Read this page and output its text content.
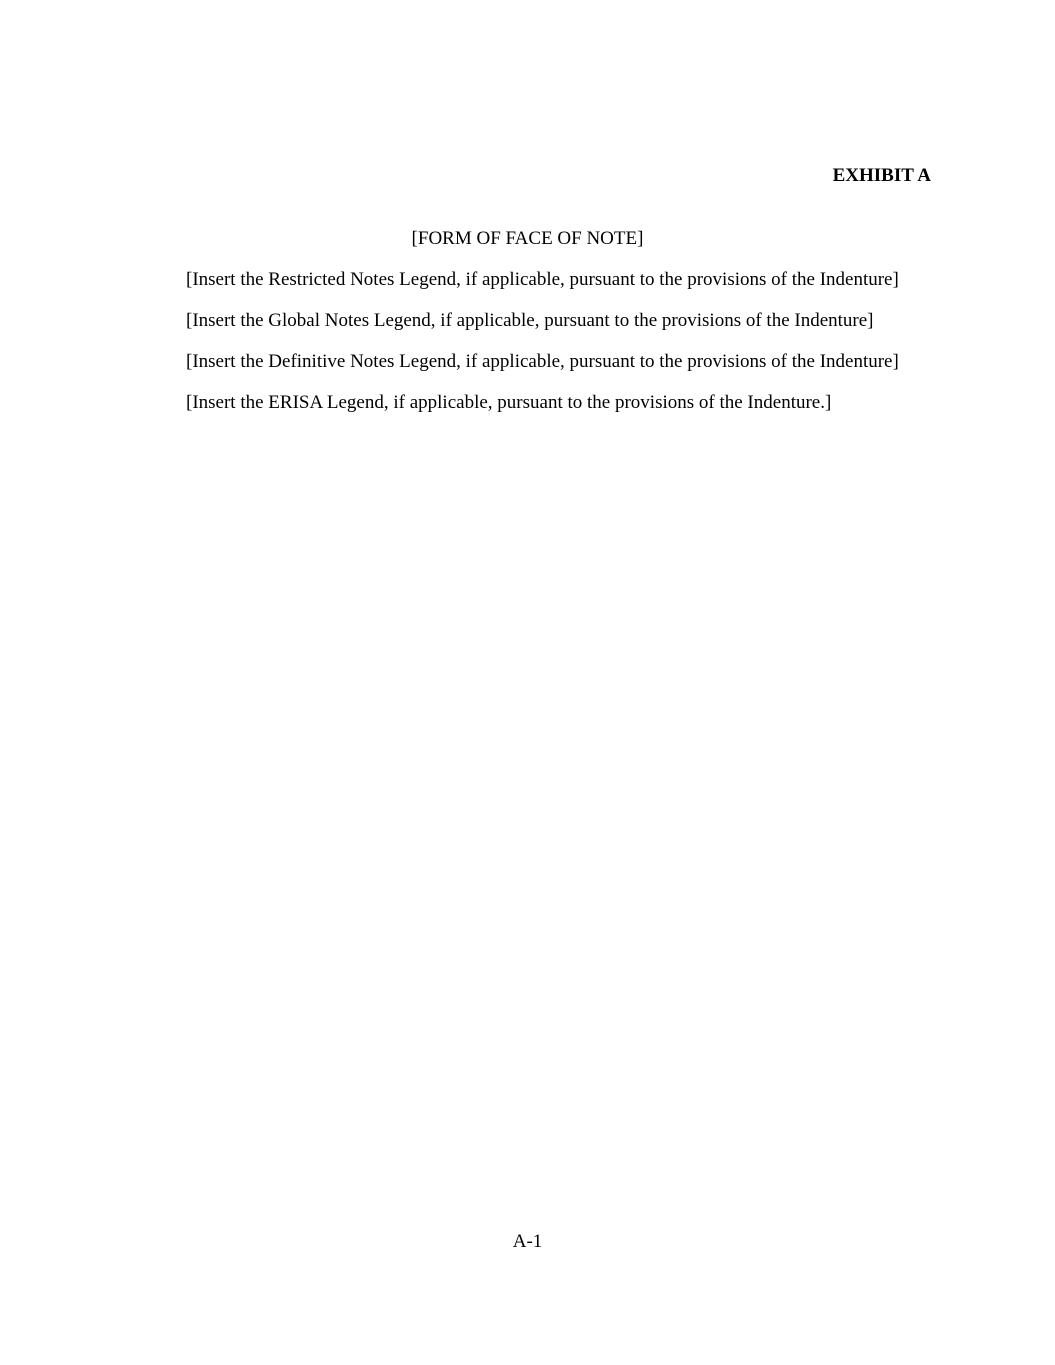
EXHIBIT A
[FORM OF FACE OF NOTE]
[Insert the Restricted Notes Legend, if applicable, pursuant to the provisions of the Indenture]
[Insert the Global Notes Legend, if applicable, pursuant to the provisions of the Indenture]
[Insert the Definitive Notes Legend, if applicable, pursuant to the provisions of the Indenture]
[Insert the ERISA Legend, if applicable, pursuant to the provisions of the Indenture.]
A-1
